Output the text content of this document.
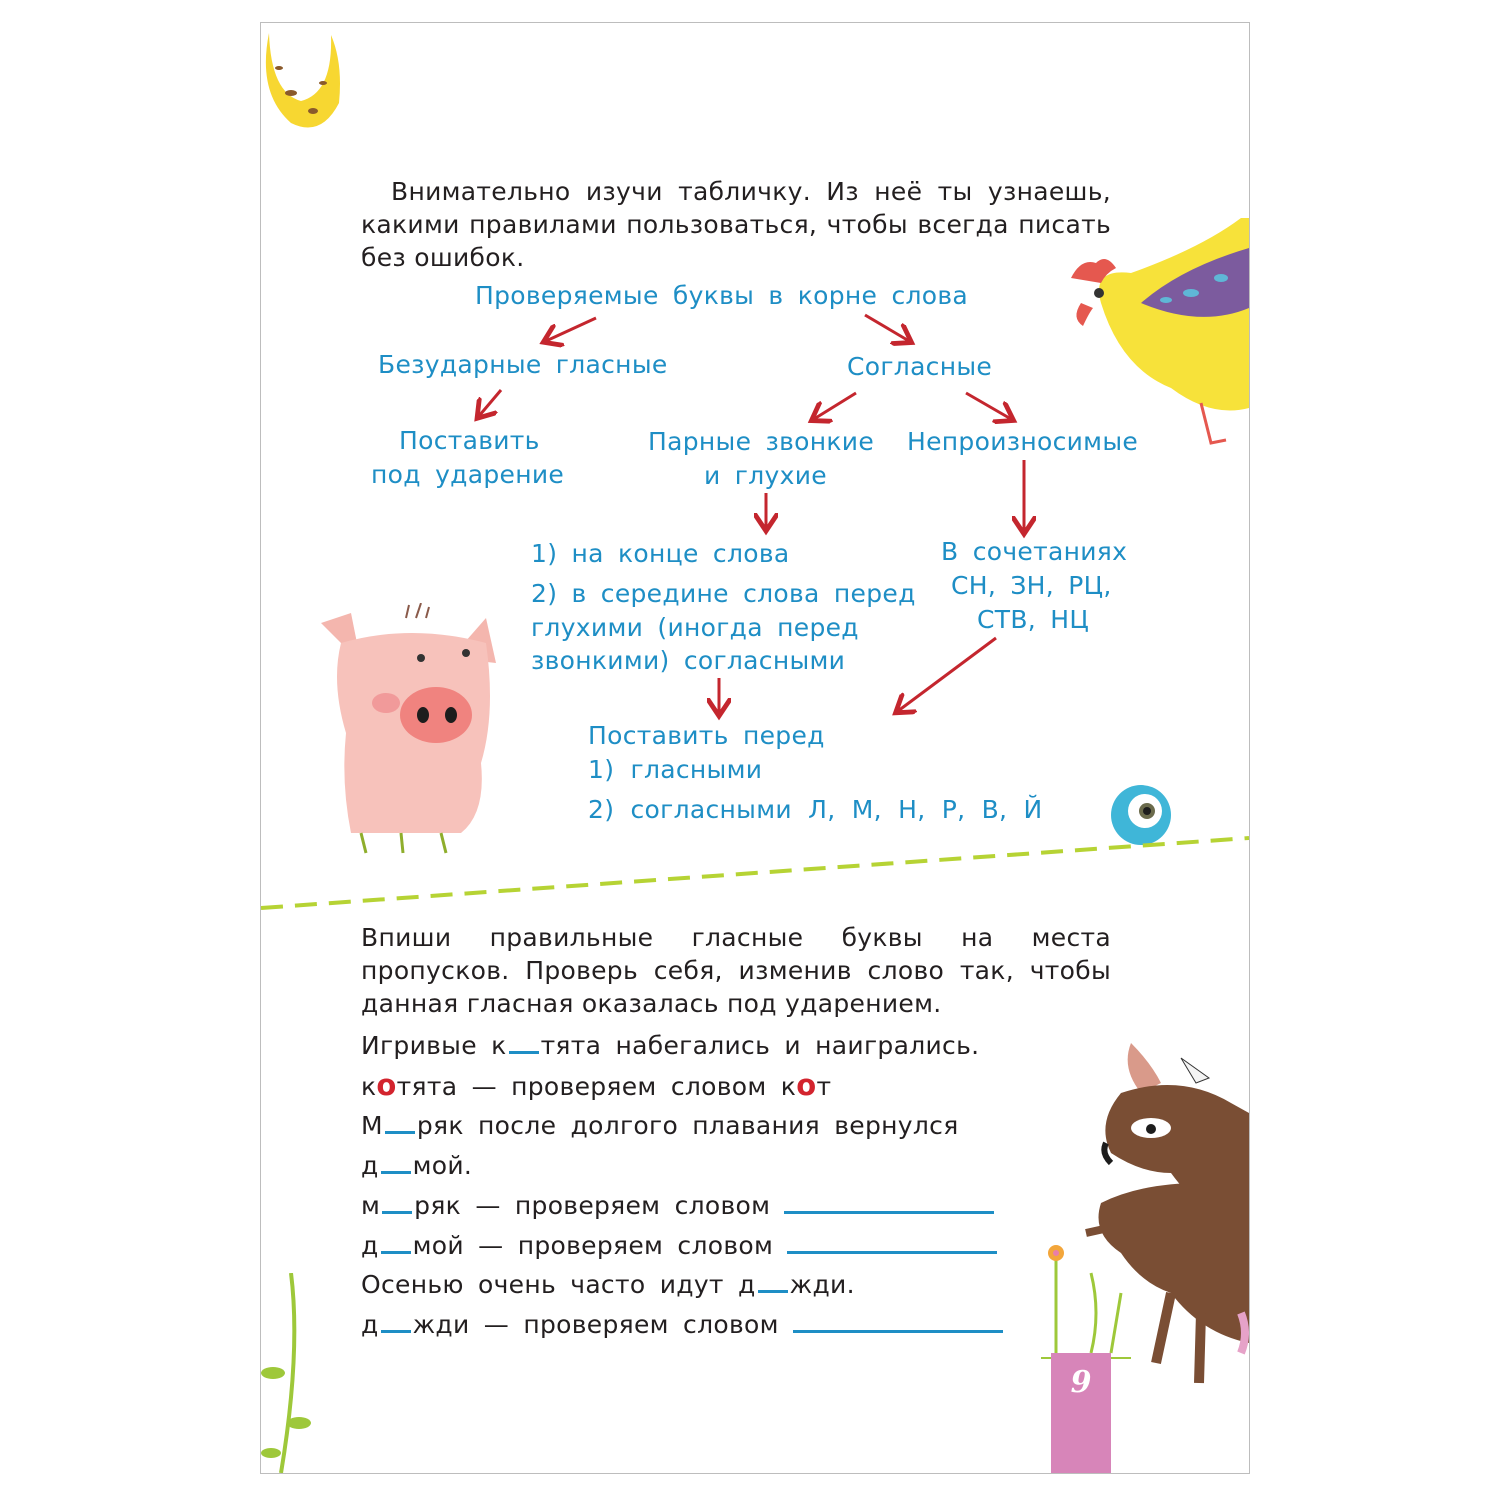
Внимательно изучи табличку. Из неё ты узнаешь, какими правилами пользоваться, чтобы всегда писать без ошибок.

Проверяемые буквы в корне слова
Безударные гласные	Согласные
Поставить
под ударение
Парные звонкие
и глухие
Непроизносимые
1) на конце слова
2) в середине слова перед
глухими (иногда перед
звонкими) согласными
В сочетаниях
СН, ЗН, РЦ,
СТВ, НЦ
Поставить перед
1) гласными
2) согласными Л, М, Н, Р, В, Й

Впиши правильные гласные буквы на места пропусков. Проверь себя, изменив слово так, чтобы данная гласная оказалась под ударением.

Игривые к тята набегались и наигрались.
котята — проверяем словом кот
М ряк после долгого плавания вернулся
д мой.
м ряк — проверяем словом
д мой — проверяем словом
Осенью очень часто идут д жди.
д жди — проверяем словом
9
